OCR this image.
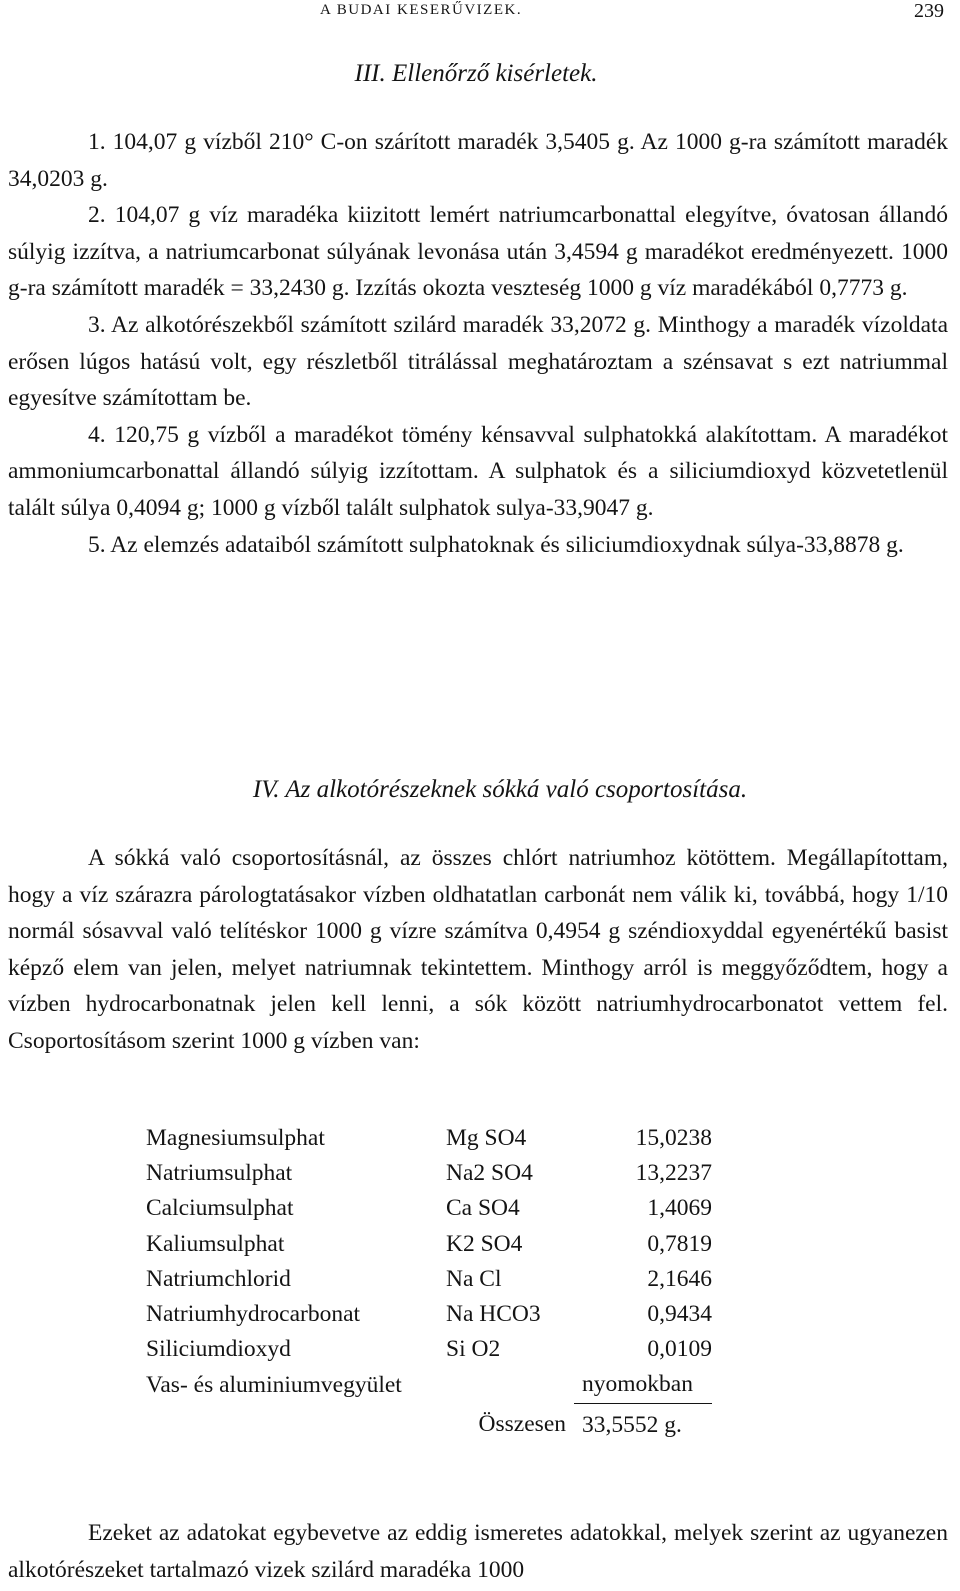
A BUDAI KESERŰVIZEK.	239
III. Ellenőrző kisérletek.

1. 104,07 g vízből 210° C-on szárított maradék 3,5405 g. Az 1000 g-ra számított maradék 34,0203 g.

2. 104,07 g víz maradéka kiizitott lemért natriumcarbonattal elegyítve, óvatosan állandó súlyig izzítva, a natriumcarbonat súlyának levonása után 3,4594 g maradékot eredményezett. 1000 g-ra számított maradék = 33,2430 g. Izzítás okozta veszteség 1000 g víz maradékából 0,7773 g.

3. Az alkotórészekből számított szilárd maradék 33,2072 g. Minthogy a maradék vízoldata erősen lúgos hatású volt, egy részletből titrálással meghatároztam a szénsavat s ezt natriummal egyesítve számítottam be.

4. 120,75 g vízből a maradékot tömény kénsavval sulphatokká alakítottam. A maradékot ammoniumcarbonattal állandó súlyig izzítottam. A sulphatok és a siliciumdioxyd közvetetlenül talált súlya 0,4094 g; 1000 g vízből talált sulphatok sulya-33,9047 g.

5. Az elemzés adataiból számított sulphatoknak és siliciumdioxydnak súlya-33,8878 g.

IV. Az alkotórészeknek sókká való csoportosítása.

A sókká való csoportosításnál, az összes chlórt natriumhoz kötöttem. Megállapítottam, hogy a víz szárazra párologtatásakor vízben oldhatatlan carbonát nem válik ki, továbbá, hogy 1/10 normál sósavval való telítéskor 1000 g vízre számítva 0,4954 g széndioxyddal egyenértékű basist képző elem van jelen, melyet natriumnak tekintettem. Minthogy arról is meggyőződtem, hogy a vízben hydrocarbonatnak jelen kell lenni, a sók között natriumhydrocarbonatot vettem fel. Csoportosításom szerint 1000 g vízben van:

Magnesiumsulphat	Mg SO4	15,0238
Natriumsulphat	Na2 SO4	13,2237
Calciumsulphat	Ca SO4	1,4069
Kaliumsulphat	K2 SO4	0,7819
Natriumchlorid	Na Cl	2,1646
Natriumhydrocarbonat	Na HCO3	0,9434
Siliciumdioxyd	Si O2	0,0109
Vas- és aluminiumvegyület		nyomokban
	Összesen	33,5552 g.

Ezeket az adatokat egybevetve az eddig ismeretes adatokkal, melyek szerint az ugyanezen alkotórészeket tartalmazó vizek szilárd maradéka 1000
